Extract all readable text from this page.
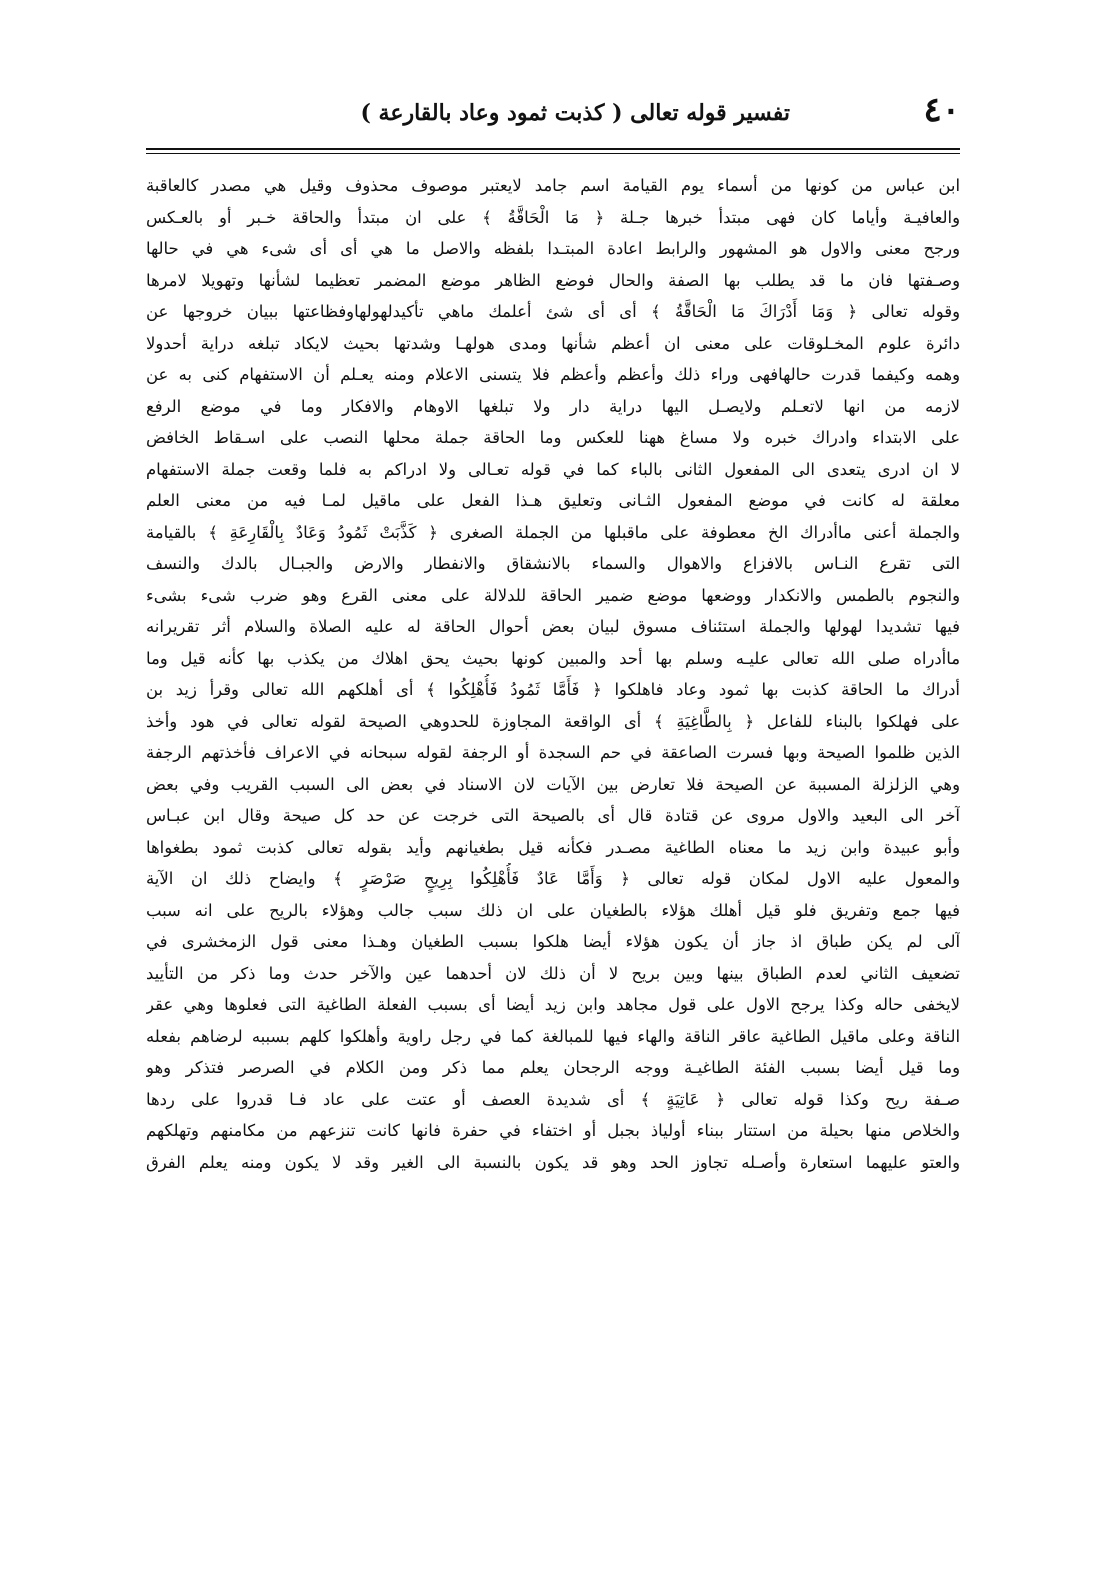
٤٠
تفسير قوله تعالى ( كذبت ثمود وعاد بالقارعة )
ابن عباس من كونها من أسماء يوم القيامة اسم جامد لايعتبر موصوف محذوف وقيل هي مصدر كالعاقبة
والعافيـة وأياما كان فهى مبتدأ خبرها جـلة ﴿ مَا الْحَاقَّةُ ﴾ على ان مبتدأ والحاقة خـبر أو بالعـكس
ورجح معنى والاول هو المشهور والرابط اعادة المبتـدا بلفظه والاصل ما هي أى أى شىء هي في حالها
وصـفتها فان ما قد يطلب بها الصفة والحال فوضع الظاهر موضع المضمر تعظيما لشأنها وتهويلا لامرها
وقوله تعالى ﴿ وَمَا أَدْرَاكَ مَا الْحَاقَّةُ ﴾ أى أى شئ أعلمك ماهي تأكيدلهولهاوفظاعتها ببيان خروجها عن
دائرة علوم المخـلوقات على معنى ان أعظم شأنها ومدى هولهـا وشدتها بحيث لايكاد تبلغه دراية أحدولا
وهمه وكيفما قدرت حالهافهى وراء ذلك وأعظم وأعظم فلا يتسنى الاعلام ومنه يعـلم أن الاستفهام كنى به عن
لازمه من انها لاتعـلم ولايصـل اليها دراية دار ولا تبلغها الاوهام والافكار وما في موضع الرفع
على الابتداء وادراك خبره ولا مساغ ههنا للعكس وما الحاقة جملة محلها النصب على اسـقاط الخافض
لا ان ادرى يتعدى الى المفعول الثانى بالباء كما في قوله تعـالى ولا ادراكم به فلما وقعت جملة الاستفهام
معلقة له كانت في موضع المفعول الثـانى وتعليق هـذا الفعل على ماقيل لمـا فيه من معنى العلم
والجملة أعنى ماأدراك الخ معطوفة على ماقبلها من الجملة الصغرى ﴿ كَذَّبَتْ ثَمُودُ وَعَادٌ بِالْقَارِعَةِ ﴾ بالقيامة
التى تقرع النـاس بالافزاع والاهوال والسماء بالانشقاق والانفطار والارض والجبـال بالدك والنسف
والنجوم بالطمس والانكدار ووضعها موضع ضمير الحاقة للدلالة على معنى القرع وهو ضرب شىء بشىء
فيها تشديدا لهولها والجملة استئناف مسوق لبيان بعض أحوال الحاقة له عليه الصلاة والسلام أثر تقريرانه
ماأدراه صلى الله تعالى عليـه وسلم بها أحد والمبين كونها بحيث يحق اهلاك من يكذب بها كأنه قيل وما
أدراك ما الحاقة كذبت بها ثمود وعاد فاهلكوا ﴿ فَأَمَّا ثَمُودُ فَأُهْلِكُوا ﴾ أى أهلكهم الله تعالى وقرأ زيد بن
على فهلكوا بالبناء للفاعل ﴿ بِالطَّاغِيَةِ ﴾ أى الواقعة المجاوزة للحدوهي الصيحة لقوله تعالى في هود وأخذ
الذين ظلموا الصيحة وبها فسرت الصاعقة في حم السجدة أو الرجفة لقوله سبحانه في الاعراف فأخذتهم الرجفة
وهي الزلزلة المسببة عن الصيحة فلا تعارض بين الآيات لان الاسناد في بعض الى السبب القريب وفي بعض
آخر الى البعيد والاول مروى عن قتادة قال أى بالصيحة التى خرجت عن حد كل صيحة وقال ابن عبـاس
وأبو عبيدة وابن زيد ما معناه الطاغية مصـدر فكأنه قيل بطغيانهم وأيد بقوله تعالى كذبت ثمود بطغواها
والمعول عليه الاول لمكان قوله تعالى ﴿ وَأَمَّا عَادٌ فَأُهْلِكُوا بِرِيحٍ صَرْصَرٍ ﴾ وايضاح ذلك ان الآية
فيها جمع وتفريق فلو قيل أهلك هؤلاء بالطغيان على ان ذلك سبب جالب وهؤلاء بالريح على انه سبب
آلى لم يكن طباق اذ جاز أن يكون هؤلاء أيضا هلكوا بسبب الطغيان وهـذا معنى قول الزمخشرى في
تضعيف الثاني لعدم الطباق بينها وبين بريح لا أن ذلك لان أحدهما عين والآخر حدث وما ذكر من التأييد
لايخفى حاله وكذا يرجح الاول على قول مجاهد وابن زيد أيضا أى بسبب الفعلة الطاغية التى فعلوها وهي عقر
الناقة وعلى ماقيل الطاغية عاقر الناقة والهاء فيها للمبالغة كما في رجل راوية وأهلكوا كلهم بسببه لرضاهم بفعله
وما قيل أيضا بسبب الفئة الطاغيـة ووجه الرجحان يعلم مما ذكر ومن الكلام في الصرصر فتذكر وهو
صـفة ريح وكذا قوله تعالى ﴿ عَاتِيَةٍ ﴾ أى شديدة العصف أو عتت على عاد فـا قدروا على ردها
والخلاص منها بحيلة من استتار ببناء أولياذ بجبل أو اختفاء في حفرة فانها كانت تنزعهم من مكامنهم وتهلكهم
والعتو عليهما استعارة وأصـله تجاوز الحد وهو قد يكون بالنسبة الى الغير وقد لا يكون ومنه يعلم الفرق
